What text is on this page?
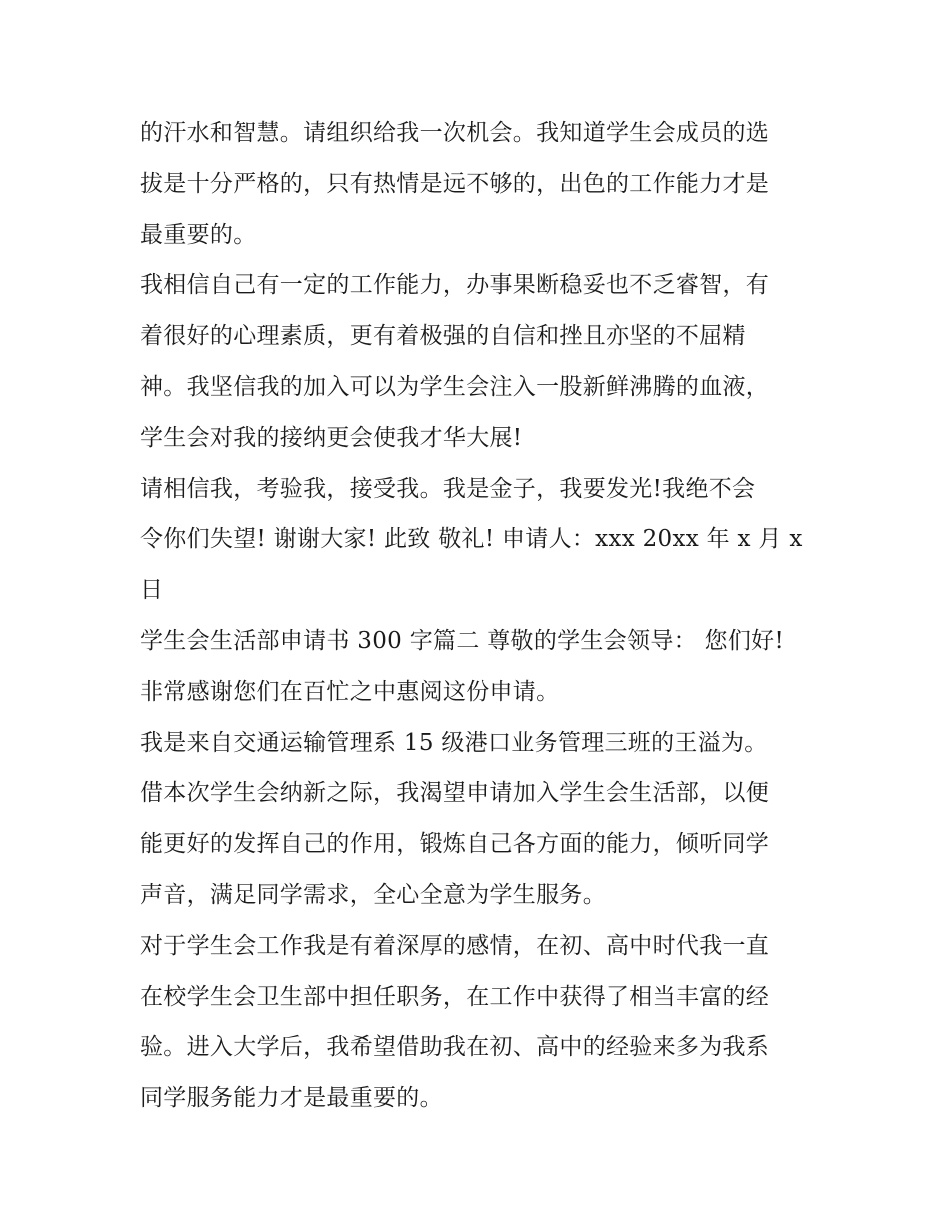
的汗水和智慧。请组织给我一次机会。我知道学生会成员的选
拔是十分严格的，只有热情是远不够的，出色的工作能力才是
最重要的。
我相信自己有一定的工作能力，办事果断稳妥也不乏睿智，有
着很好的心理素质，更有着极强的自信和挫且亦坚的不屈精
神。我坚信我的加入可以为学生会注入一股新鲜沸腾的血液，
学生会对我的接纳更会使我才华大展!
请相信我，考验我，接受我。我是金子，我要发光!我绝不会
令你们失望! 谢谢大家! 此致 敬礼! 申请人：xxx 20xx 年 x 月 x
日
学生会生活部申请书 300 字篇二 尊敬的学生会领导： 您们好!
非常感谢您们在百忙之中惠阅这份申请。
我是来自交通运输管理系 15 级港口业务管理三班的王溢为。
借本次学生会纳新之际，我渴望申请加入学生会生活部，以便
能更好的发挥自己的作用，锻炼自己各方面的能力，倾听同学
声音，满足同学需求，全心全意为学生服务。
对于学生会工作我是有着深厚的感情，在初、高中时代我一直
在校学生会卫生部中担任职务，在工作中获得了相当丰富的经
验。进入大学后，我希望借助我在初、高中的经验来多为我系
同学服务能力才是最重要的。
